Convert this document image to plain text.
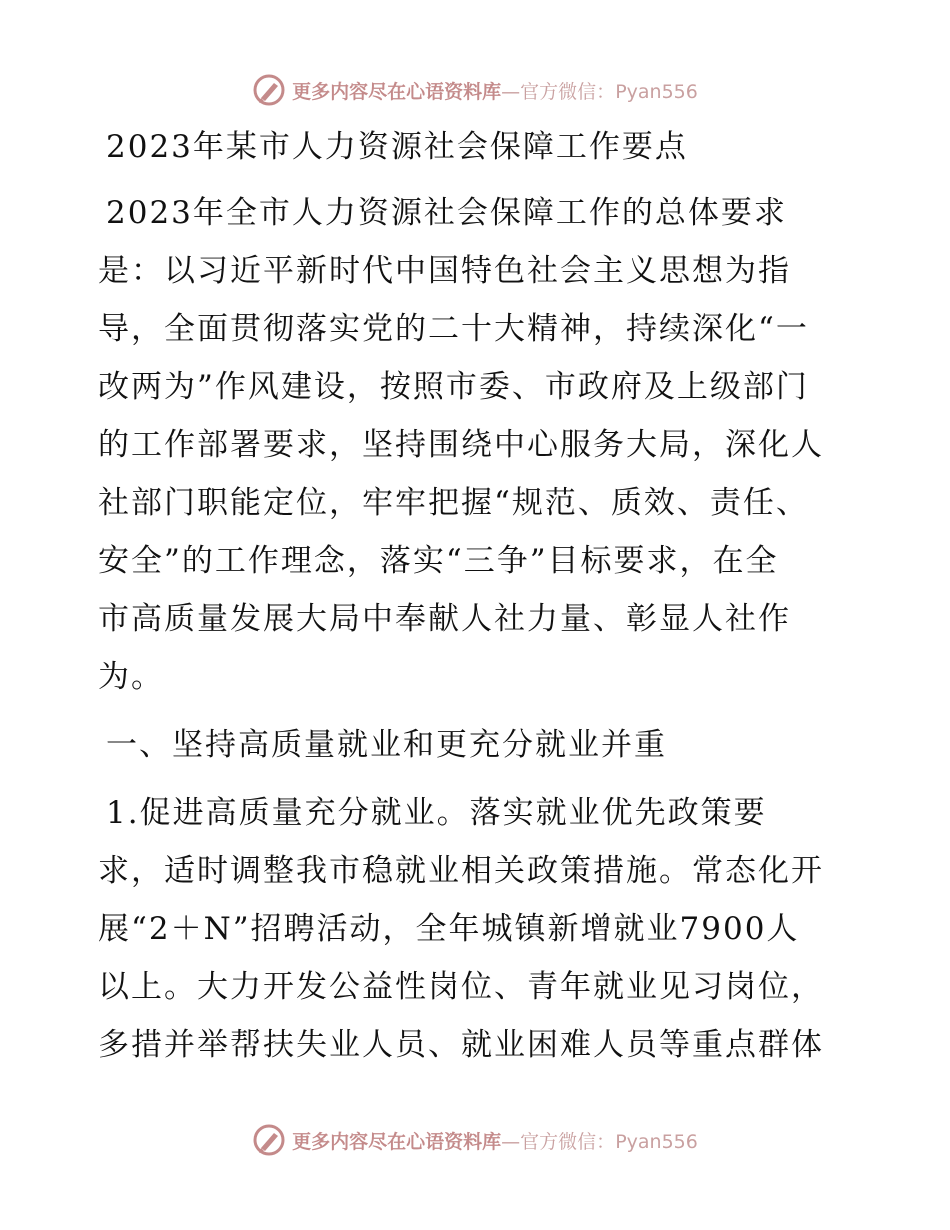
更多内容尽在心语资料库—官方微信：Pyan556
2023年某市人力资源社会保障工作要点
2023年全市人力资源社会保障工作的总体要求
是：以习近平新时代中国特色社会主义思想为指
导，全面贯彻落实党的二十大精神，持续深化“一
改两为”作风建设，按照市委、市政府及上级部门
的工作部署要求，坚持围绕中心服务大局，深化人
社部门职能定位，牢牢把握“规范、质效、责任、
安全”的工作理念，落实“三争”目标要求，在全
市高质量发展大局中奉献人社力量、彰显人社作
为。
一、坚持高质量就业和更充分就业并重
1.促进高质量充分就业。落实就业优先政策要
求，适时调整我市稳就业相关政策措施。常态化开
展“2＋N”招聘活动，全年城镇新增就业7900人
以上。大力开发公益性岗位、青年就业见习岗位，
多措并举帮扶失业人员、就业困难人员等重点群体
更多内容尽在心语资料库—官方微信：Pyan556
